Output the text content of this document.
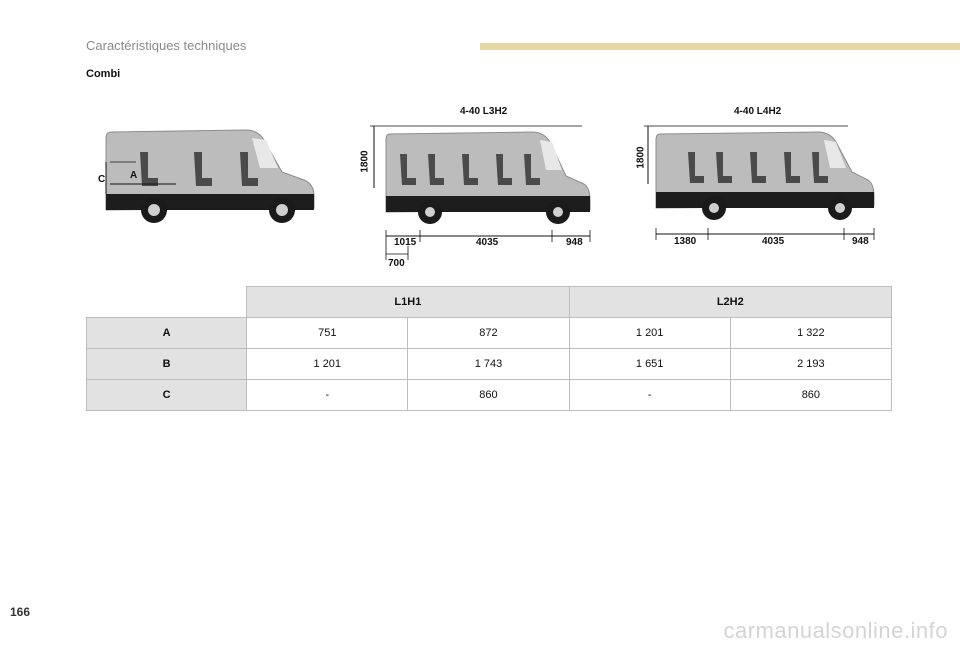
Caractéristiques techniques
Combi
C A
4-40 L3H2
1800
1015	4035	948
700
4-40 L4H2
1800
1380	4035	948
	L1H1		L2H2	
A	751	872	1 201	1 322
B	1 201	1 743	1 651	2 193
C	-	860	-	860
166
carmanualsonline.info
